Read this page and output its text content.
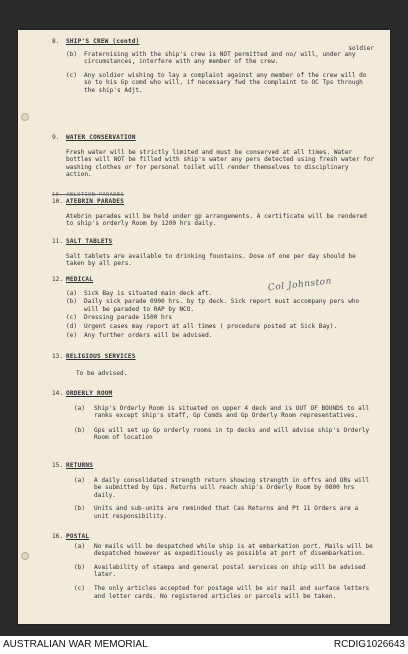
soldier
8. SHIP'S CREW (contd)
(b) Fraternising with the ship's crew is NOT permitted and no/ will, under any circumstances, interfere with any member of the crew.
(c) Any soldier wishing to lay a complaint against any member of the crew will do so to his Gp comd who will, if necessary fwd the complaint to OC Tps through the ship's Adjt.
9. WATER CONSERVATION
Fresh water will be strictly limited and must be conserved at all times. Water bottles will NOT be filled with ship's water any pers detected using fresh water for washing clothes or for personal toilet will render themselves to disciplinary action.
10. ABLUTION PARADES
10. ATEBRIN PARADES
Atebrin parades will be held under gp arrangements. A certificate will be rendered to ship's orderly Room by 1200 hrs daily.
11. SALT TABLETS
Salt tablets are available to drinking fountains. Dose of one per day should be taken by all pers.
12. MEDICAL
(a) Sick Bay is situated main deck aft.
(b) Daily sick parade 0900 hrs. by tp deck. Sick report must accompany pers who will be paraded to RAP by NCO.
(c) Dressing parade 1500 hrs
(d) Urgent cases may report at all times ( procedure posted at Sick Bay).
(e) Any further orders will be advised.
Col Johnston
13. RELIGIOUS SERVICES
To be advised.
14. ORDERLY ROOM
(a) Ship's Orderly Room is situated on upper 4 deck and is OUT OF BOUNDS to all ranks except ship's staff, Gp Comds and Gp Orderly Room representatives.
(b) Gps will set up Gp orderly rooms in tp decks and will advise ship's Orderly Room of location
15. RETURNS
(a) A daily consolidated strength return showing strength in offrs and ORs will be submitted by Gps. Returns will reach ship's Orderly Room by 0800 hrs daily.
(b) Units and sub-units are reminded that Cas Returns and Pt 11 Orders are a unit responsibility.
16. POSTAL
(a) No mails will be despatched while ship is at embarkation port. Mails will be despatched however as expeditiously as possible at port of disembarkation.
(b) Availability of stamps and general postal services on ship will be advised later.
(c) The only articles accepted for postage will be air mail and surface letters and letter cards. No registered articles or parcels will be taken.
AUSTRALIAN WAR MEMORIAL	RCDIG1026643
